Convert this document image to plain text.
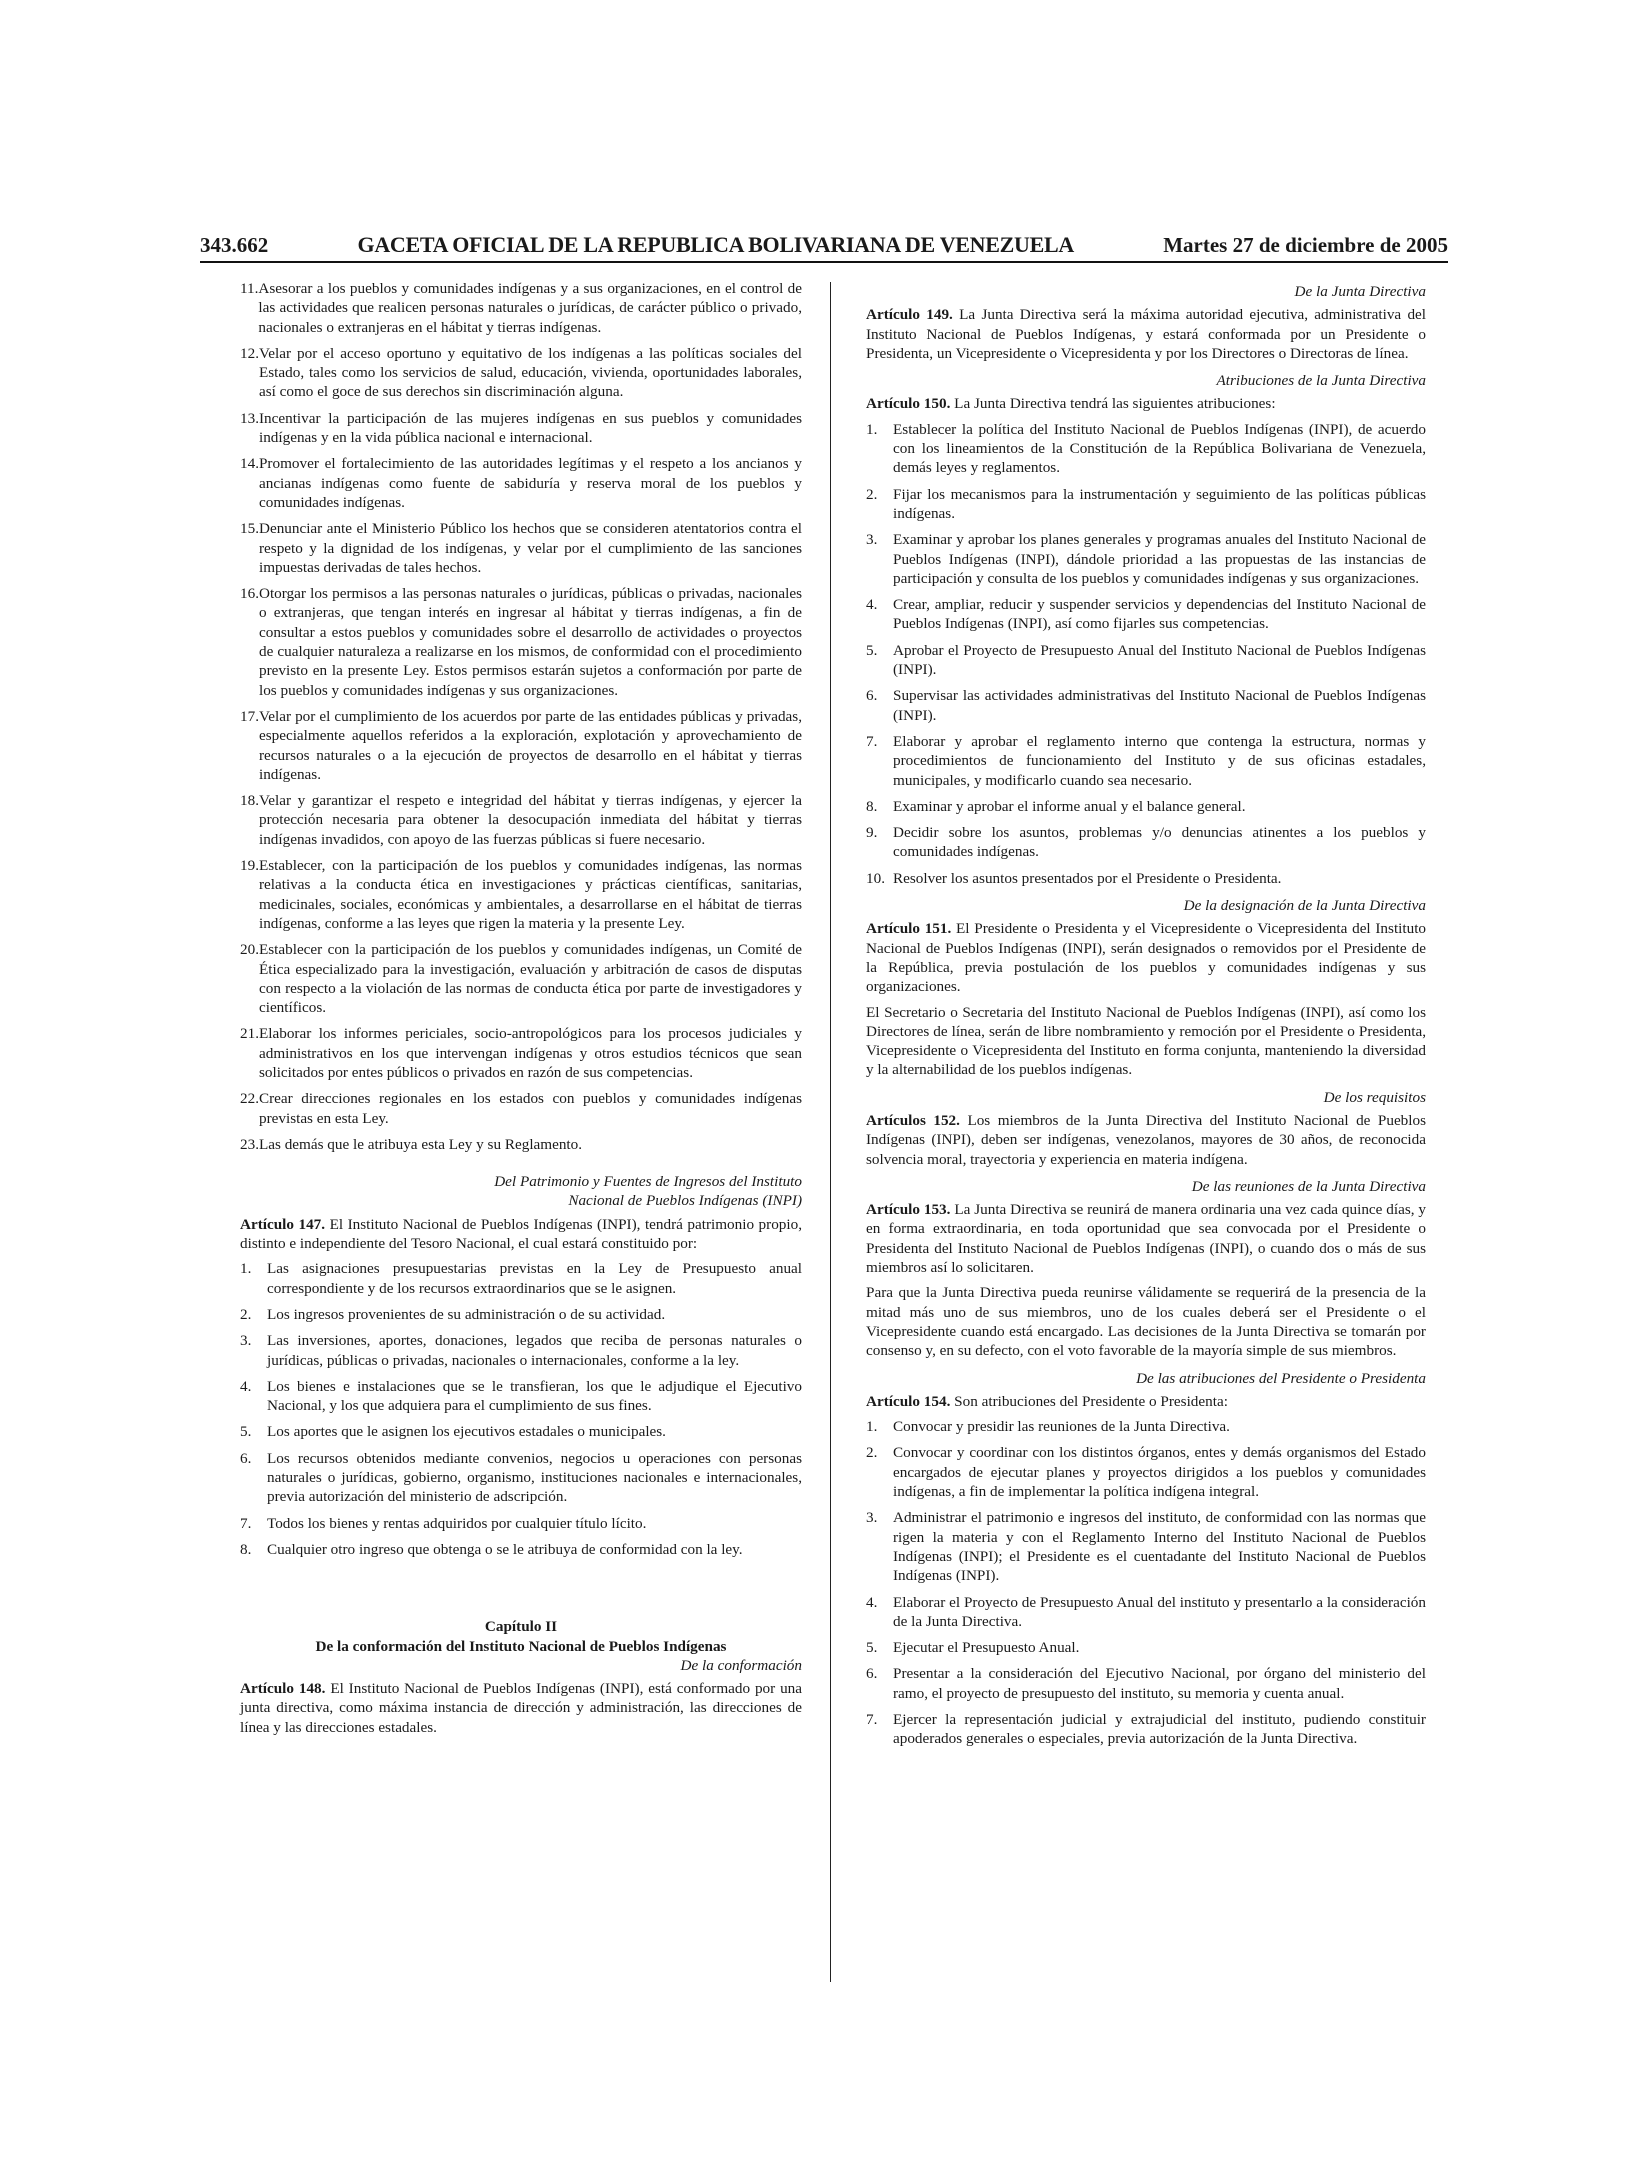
343.662	GACETA OFICIAL DE LA REPUBLICA BOLIVARIANA DE VENEZUELA	Martes 27 de diciembre de 2005
11. Asesorar a los pueblos y comunidades indígenas y a sus organizaciones, en el control de las actividades que realicen personas naturales o jurídicas, de carácter público o privado, nacionales o extranjeras en el hábitat y tierras indígenas.
12. Velar por el acceso oportuno y equitativo de los indígenas a las políticas sociales del Estado, tales como los servicios de salud, educación, vivienda, oportunidades laborales, así como el goce de sus derechos sin discriminación alguna.
13. Incentivar la participación de las mujeres indígenas en sus pueblos y comunidades indígenas y en la vida pública nacional e internacional.
14. Promover el fortalecimiento de las autoridades legítimas y el respeto a los ancianos y ancianas indígenas como fuente de sabiduría y reserva moral de los pueblos y comunidades indígenas.
15. Denunciar ante el Ministerio Público los hechos que se consideren atentatorios contra el respeto y la dignidad de los indígenas, y velar por el cumplimiento de las sanciones impuestas derivadas de tales hechos.
16. Otorgar los permisos a las personas naturales o jurídicas, públicas o privadas, nacionales o extranjeras, que tengan interés en ingresar al hábitat y tierras indígenas, a fin de consultar a estos pueblos y comunidades sobre el desarrollo de actividades o proyectos de cualquier naturaleza a realizarse en los mismos, de conformidad con el procedimiento previsto en la presente Ley. Estos permisos estarán sujetos a conformación por parte de los pueblos y comunidades indígenas y sus organizaciones.
17. Velar por el cumplimiento de los acuerdos por parte de las entidades públicas y privadas, especialmente aquellos referidos a la exploración, explotación y aprovechamiento de recursos naturales o a la ejecución de proyectos de desarrollo en el hábitat y tierras indígenas.
18. Velar y garantizar el respeto e integridad del hábitat y tierras indígenas, y ejercer la protección necesaria para obtener la desocupación inmediata del hábitat y tierras indígenas invadidos, con apoyo de las fuerzas públicas si fuere necesario.
19. Establecer, con la participación de los pueblos y comunidades indígenas, las normas relativas a la conducta ética en investigaciones y prácticas científicas, sanitarias, medicinales, sociales, económicas y ambientales, a desarrollarse en el hábitat de tierras indígenas, conforme a las leyes que rigen la materia y la presente Ley.
20. Establecer con la participación de los pueblos y comunidades indígenas, un Comité de Ética especializado para la investigación, evaluación y arbitración de casos de disputas con respecto a la violación de las normas de conducta ética por parte de investigadores y científicos.
21. Elaborar los informes periciales, socio-antropológicos para los procesos judiciales y administrativos en los que intervengan indígenas y otros estudios técnicos que sean solicitados por entes públicos o privados en razón de sus competencias.
22. Crear direcciones regionales en los estados con pueblos y comunidades indígenas previstas en esta Ley.
23. Las demás que le atribuya esta Ley y su Reglamento.
Del Patrimonio y Fuentes de Ingresos del Instituto
Nacional de Pueblos Indígenas (INPI)
Artículo 147. El Instituto Nacional de Pueblos Indígenas (INPI), tendrá patrimonio propio, distinto e independiente del Tesoro Nacional, el cual estará constituido por:
1.	Las asignaciones presupuestarias previstas en la Ley de Presupuesto anual correspondiente y de los recursos extraordinarios que se le asignen.
2.	Los ingresos provenientes de su administración o de su actividad.
3.	Las inversiones, aportes, donaciones, legados que reciba de personas naturales o jurídicas, públicas o privadas, nacionales o internacionales, conforme a la ley.
4.	Los bienes e instalaciones que se le transfieran, los que le adjudique el Ejecutivo Nacional, y los que adquiera para el cumplimiento de sus fines.
5.	Los aportes que le asignen los ejecutivos estadales o municipales.
6.	Los recursos obtenidos mediante convenios, negocios u operaciones con personas naturales o jurídicas, gobierno, organismo, instituciones nacionales e internacionales, previa autorización del ministerio de adscripción.
7.	Todos los bienes y rentas adquiridos por cualquier título lícito.
8.	Cualquier otro ingreso que obtenga o se le atribuya de conformidad con la ley.
Capítulo II
De la conformación del Instituto Nacional de Pueblos Indígenas
De la conformación
Artículo 148. El Instituto Nacional de Pueblos Indígenas (INPI), está conformado por una junta directiva, como máxima instancia de dirección y administración, las direcciones de línea y las direcciones estadales.
De la Junta Directiva
Artículo 149. La Junta Directiva será la máxima autoridad ejecutiva, administrativa del Instituto Nacional de Pueblos Indígenas, y estará conformada por un Presidente o Presidenta, un Vicepresidente o Vicepresidenta y por los Directores o Directoras de línea.
Atribuciones de la Junta Directiva
Artículo 150. La Junta Directiva tendrá las siguientes atribuciones:
1.	Establecer la política del Instituto Nacional de Pueblos Indígenas (INPI), de acuerdo con los lineamientos de la Constitución de la República Bolivariana de Venezuela, demás leyes y reglamentos.
2.	Fijar los mecanismos para la instrumentación y seguimiento de las políticas públicas indígenas.
3.	Examinar y aprobar los planes generales y programas anuales del Instituto Nacional de Pueblos Indígenas (INPI), dándole prioridad a las propuestas de las instancias de participación y consulta de los pueblos y comunidades indígenas y sus organizaciones.
4.	Crear, ampliar, reducir y suspender servicios y dependencias del Instituto Nacional de Pueblos Indígenas (INPI), así como fijarles sus competencias.
5.	Aprobar el Proyecto de Presupuesto Anual del Instituto Nacional de Pueblos Indígenas (INPI).
6.	Supervisar las actividades administrativas del Instituto Nacional de Pueblos Indígenas (INPI).
7.	Elaborar y aprobar el reglamento interno que contenga la estructura, normas y procedimientos de funcionamiento del Instituto y de sus oficinas estadales, municipales, y modificarlo cuando sea necesario.
8.	Examinar y aprobar el informe anual y el balance general.
9.	Decidir sobre los asuntos, problemas y/o denuncias atinentes a los pueblos y comunidades indígenas.
10. Resolver los asuntos presentados por el Presidente o Presidenta.
De la designación de la Junta Directiva
Artículo 151. El Presidente o Presidenta y el Vicepresidente o Vicepresidenta del Instituto Nacional de Pueblos Indígenas (INPI), serán designados o removidos por el Presidente de la República, previa postulación de los pueblos y comunidades indígenas y sus organizaciones.
El Secretario o Secretaria del Instituto Nacional de Pueblos Indígenas (INPI), así como los Directores de línea, serán de libre nombramiento y remoción por el Presidente o Presidenta, Vicepresidente o Vicepresidenta del Instituto en forma conjunta, manteniendo la diversidad y la alternabilidad de los pueblos indígenas.
De los requisitos
Artículos 152. Los miembros de la Junta Directiva del Instituto Nacional de Pueblos Indígenas (INPI), deben ser indígenas, venezolanos, mayores de 30 años, de reconocida solvencia moral, trayectoria y experiencia en materia indígena.
De las reuniones de la Junta Directiva
Artículo 153. La Junta Directiva se reunirá de manera ordinaria una vez cada quince días, y en forma extraordinaria, en toda oportunidad que sea convocada por el Presidente o Presidenta del Instituto Nacional de Pueblos Indígenas (INPI), o cuando dos o más de sus miembros así lo solicitaren.
Para que la Junta Directiva pueda reunirse válidamente se requerirá de la presencia de la mitad más uno de sus miembros, uno de los cuales deberá ser el Presidente o el Vicepresidente cuando está encargado. Las decisiones de la Junta Directiva se tomarán por consenso y, en su defecto, con el voto favorable de la mayoría simple de sus miembros.
De las atribuciones del Presidente o Presidenta
Artículo 154. Son atribuciones del Presidente o Presidenta:
1.	Convocar y presidir las reuniones de la Junta Directiva.
2.	Convocar y coordinar con los distintos órganos, entes y demás organismos del Estado encargados de ejecutar planes y proyectos dirigidos a los pueblos y comunidades indígenas, a fin de implementar la política indígena integral.
3.	Administrar el patrimonio e ingresos del instituto, de conformidad con las normas que rigen la materia y con el Reglamento Interno del Instituto Nacional de Pueblos Indígenas (INPI); el Presidente es el cuentadante del Instituto Nacional de Pueblos Indígenas (INPI).
4.	Elaborar el Proyecto de Presupuesto Anual del instituto y presentarlo a la consideración de la Junta Directiva.
5.	Ejecutar el Presupuesto Anual.
6.	Presentar a la consideración del Ejecutivo Nacional, por órgano del ministerio del ramo, el proyecto de presupuesto del instituto, su memoria y cuenta anual.
7.	Ejercer la representación judicial y extrajudicial del instituto, pudiendo constituir apoderados generales o especiales, previa autorización de la Junta Directiva.
